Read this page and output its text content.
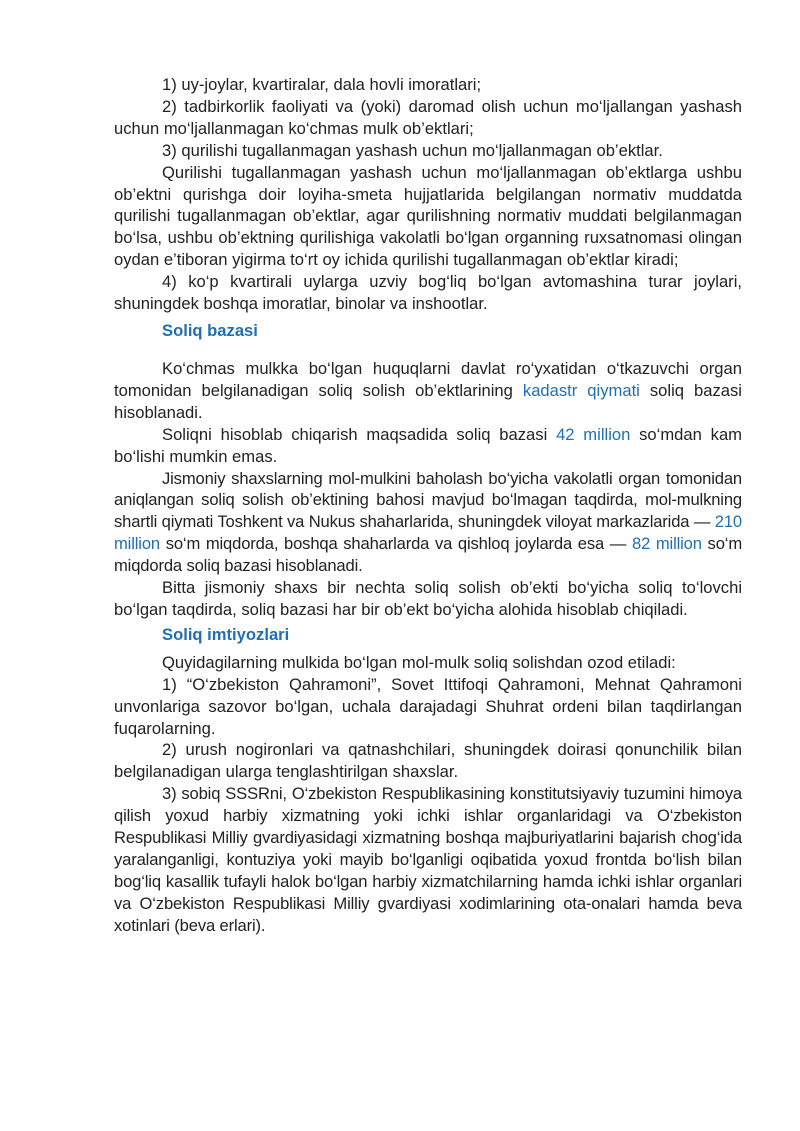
1) uy-joylar, kvartiralar, dala hovli imoratlari;

2) tadbirkorlik faoliyati va (yoki) daromad olish uchun mo‘ljallangan yashash uchun mo‘ljallanmagan ko‘chmas mulk ob’ektlari;

3) qurilishi tugallanmagan yashash uchun mo‘ljallanmagan ob’ektlar.

Qurilishi tugallanmagan yashash uchun mo‘ljallanmagan ob’ektlarga ushbu ob’ektni qurishga doir loyiha-smeta hujjatlarida belgilangan normativ muddatda qurilishi tugallanmagan ob’ektlar, agar qurilishning normativ muddati belgilanmagan bo‘lsa, ushbu ob’ektning qurilishiga vakolatli bo‘lgan organning ruxsatnomasi olingan oydan e’tiboran yigirma to‘rt oy ichida qurilishi tugallanmagan ob’ektlar kiradi;

4) ko‘p kvartirali uylarga uzviy bog‘liq bo‘lgan avtomashina turar joylari, shuningdek boshqa imoratlar, binolar va inshootlar.

Soliq bazasi

Ko‘chmas mulkka bo‘lgan huquqlarni davlat ro‘yxatidan o‘tkazuvchi organ tomonidan belgilanadigan soliq solish ob’ektlarining kadastr qiymati soliq bazasi hisoblanadi.

Soliqni hisoblab chiqarish maqsadida soliq bazasi 42 million so‘mdan kam bo‘lishi mumkin emas.

Jismoniy shaxslarning mol-mulkini baholash bo‘yicha vakolatli organ tomonidan aniqlangan soliq solish ob’ektining bahosi mavjud bo‘lmagan taqdirda, mol-mulkning shartli qiymati Toshkent va Nukus shaharlarida, shuningdek viloyat markazlarida — 210 million so‘m miqdorda, boshqa shaharlarda va qishloq joylarda esa — 82 million so‘m miqdorda soliq bazasi hisoblanadi.

Bitta jismoniy shaxs bir nechta soliq solish ob’ekti bo‘yicha soliq to‘lovchi bo‘lgan taqdirda, soliq bazasi har bir ob’ekt bo‘yicha alohida hisoblab chiqiladi.

Soliq imtiyozlari

Quyidagilarning mulkida bo‘lgan mol-mulk soliq solishdan ozod etiladi:

1) “O‘zbekiston Qahramoni”, Sovet Ittifoqi Qahramoni, Mehnat Qahramoni unvonlariga sazovor bo‘lgan, uchala darajadagi Shuhrat ordeni bilan taqdirlangan fuqarolarning.

2) urush nogironlari va qatnashchilari, shuningdek doirasi qonunchilik bilan belgilanadigan ularga tenglashtirilgan shaxslar.

3) sobiq SSSRni, O‘zbekiston Respublikasining konstitutsiyaviy tuzumini himoya qilish yoxud harbiy xizmatning yoki ichki ishlar organlaridagi va O‘zbekiston Respublikasi Milliy gvardiyasidagi xizmatning boshqa majburiyatlarini bajarish chog‘ida yaralanganligi, kontuziya yoki mayib bo‘lganligi oqibatida yoxud frontda bo‘lish bilan bog‘liq kasallik tufayli halok bo‘lgan harbiy xizmatchilarning hamda ichki ishlar organlari va O‘zbekiston Respublikasi Milliy gvardiyasi xodimlarining ota-onalari hamda beva xotinlari (beva erlari).
